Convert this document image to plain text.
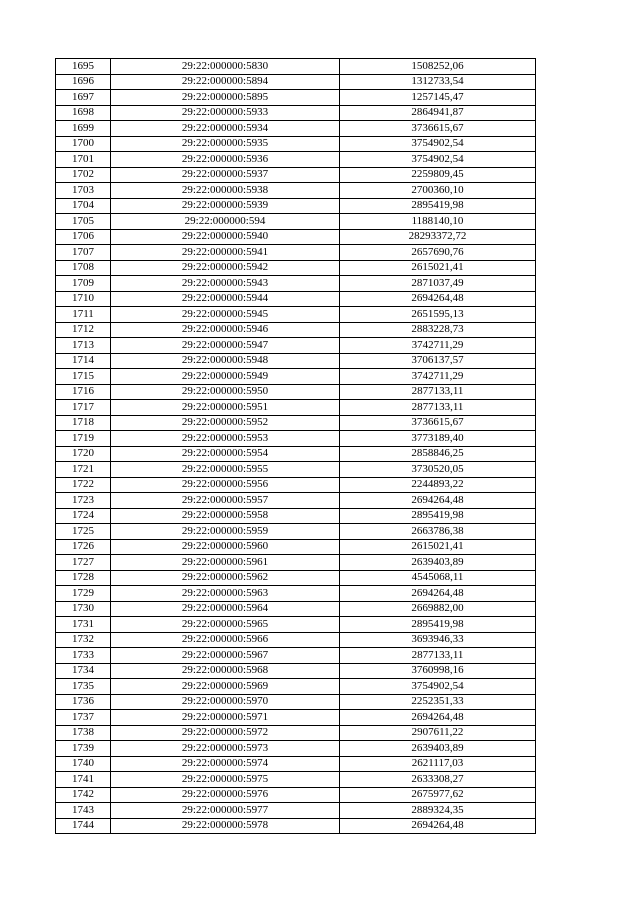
1695	29:22:000000:5830	1508252,06
1696	29:22:000000:5894	1312733,54
1697	29:22:000000:5895	1257145,47
1698	29:22:000000:5933	2864941,87
1699	29:22:000000:5934	3736615,67
1700	29:22:000000:5935	3754902,54
1701	29:22:000000:5936	3754902,54
1702	29:22:000000:5937	2259809,45
1703	29:22:000000:5938	2700360,10
1704	29:22:000000:5939	2895419,98
1705	29:22:000000:594	1188140,10
1706	29:22:000000:5940	28293372,72
1707	29:22:000000:5941	2657690,76
1708	29:22:000000:5942	2615021,41
1709	29:22:000000:5943	2871037,49
1710	29:22:000000:5944	2694264,48
1711	29:22:000000:5945	2651595,13
1712	29:22:000000:5946	2883228,73
1713	29:22:000000:5947	3742711,29
1714	29:22:000000:5948	3706137,57
1715	29:22:000000:5949	3742711,29
1716	29:22:000000:5950	2877133,11
1717	29:22:000000:5951	2877133,11
1718	29:22:000000:5952	3736615,67
1719	29:22:000000:5953	3773189,40
1720	29:22:000000:5954	2858846,25
1721	29:22:000000:5955	3730520,05
1722	29:22:000000:5956	2244893,22
1723	29:22:000000:5957	2694264,48
1724	29:22:000000:5958	2895419,98
1725	29:22:000000:5959	2663786,38
1726	29:22:000000:5960	2615021,41
1727	29:22:000000:5961	2639403,89
1728	29:22:000000:5962	4545068,11
1729	29:22:000000:5963	2694264,48
1730	29:22:000000:5964	2669882,00
1731	29:22:000000:5965	2895419,98
1732	29:22:000000:5966	3693946,33
1733	29:22:000000:5967	2877133,11
1734	29:22:000000:5968	3760998,16
1735	29:22:000000:5969	3754902,54
1736	29:22:000000:5970	2252351,33
1737	29:22:000000:5971	2694264,48
1738	29:22:000000:5972	2907611,22
1739	29:22:000000:5973	2639403,89
1740	29:22:000000:5974	2621117,03
1741	29:22:000000:5975	2633308,27
1742	29:22:000000:5976	2675977,62
1743	29:22:000000:5977	2889324,35
1744	29:22:000000:5978	2694264,48
